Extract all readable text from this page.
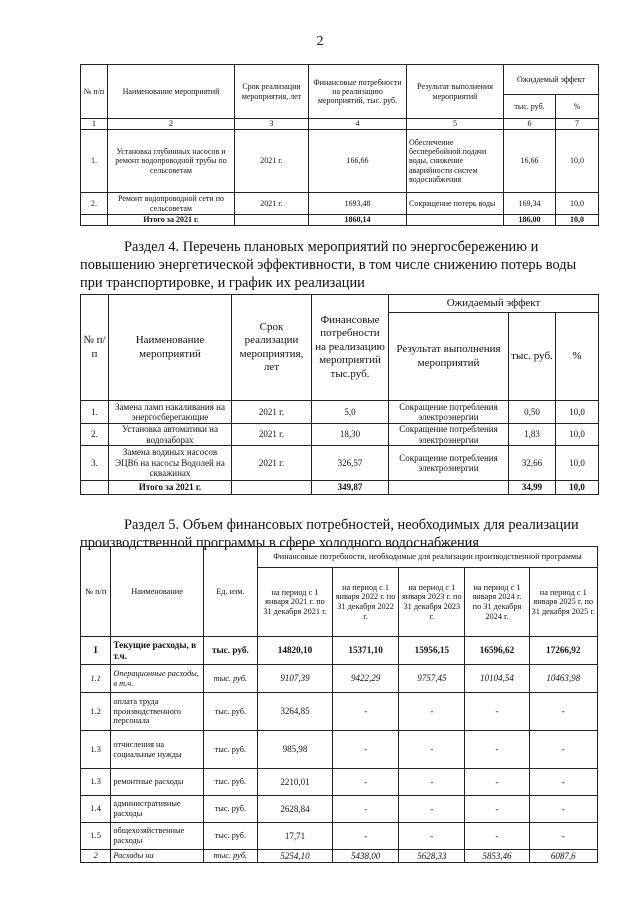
2
№ п/п	Наименование мероприятий	Срок реализации мероприятия, лет	Финансовые потребности на реализацию мероприятий, тыс. руб.	Результат выполнения мероприятий	Ожидаемый эффект	
					тыс. руб.	%
1	2	3	4	5	6	7
1.	Установка глубинных насосов и ремонт водопроводной трубы по сельсоветам	2021 г.	166,66	Обеспечение бесперебойной подачи воды, снижение аварийности систем водоснабжения	16,66	10,0
2.	Ремонт водопроводной сети по сельсоветам	2021 г.	1693,48	Сокращение потерь воды	169,34	10,0
	Итого за 2021 г.		1860,14		186,00	10,0
Раздел 4. Перечень плановых мероприятий по энергосбережению и
повышению энергетической эффективности, в том числе снижению потерь воды
при транспортировке, и график их реализации
№ п/п	Наименование мероприятий	Срок реализации мероприятия, лет	Финансовые потребности на реализацию мероприятий тыс.руб.	Ожидаемый эффект		
				Результат выполнения мероприятий	тыс. руб.	%
1.	Замена ламп накаливания на энергосберегающие	2021 г.	5,0	Сокращение потребления электроэнергии	0,50	10,0
2.	Установка автоматики на водозаборах	2021 г.	18,30	Сокращение потребления электроэнергии	1,83	10,0
3.	Замена водяных насосов ЭЦВ6 на насосы Водолей на скважинах	2021 г.	326,57	Сокращение потребления электроэнергии	32,66	10,0
	Итого за 2021 г.		349,87		34,99	10,0
Раздел 5. Объем финансовых потребностей, необходимых для реализации
производственной программы в сфере холодного водоснабжения
№ п/п	Наименование	Ед. изм.	Финансовые потребности, необходимые для реализации производственной программы				
			на период с 1 января 2021 г. по 31 декабря 2021 г.	на период с 1 января 2022 г. по 31 декабря 2022 г.	на период с 1 января 2023 г. по 31 декабря 2023 г.	на период с 1 января 2024 г. по 31 декабря 2024 г.	на период с 1 января 2025 г. по 31 декабря 2025 г.
I	Текущие расходы, в т.ч.	тыс. руб.	14820,10	15371,10	15956,15	16596,62	17266,92
1.1	Операционные расходы, в т.ч.	тыс. руб.	9107,39	9422,29	9757,45	10104,54	10463,98
1.2	оплата труда производственного персонала	тыс. руб.	3264,85	-	-	-	-
1.3	отчисления на социальные нужды	тыс. руб.	985,98	-	-	-	-
1.3	ремонтные расходы	тыс. руб.	2210,01	-	-	-	-
1.4	административные расходы	тыс. руб.	2628,84	-	-	-	-
1.5	общехозяйственные расходы	тыс. руб.	17,71	-	-	-	-
2	Расходы на	тыс. руб.	5254,10	5438,00	5628,33	5853,46	6087,6
